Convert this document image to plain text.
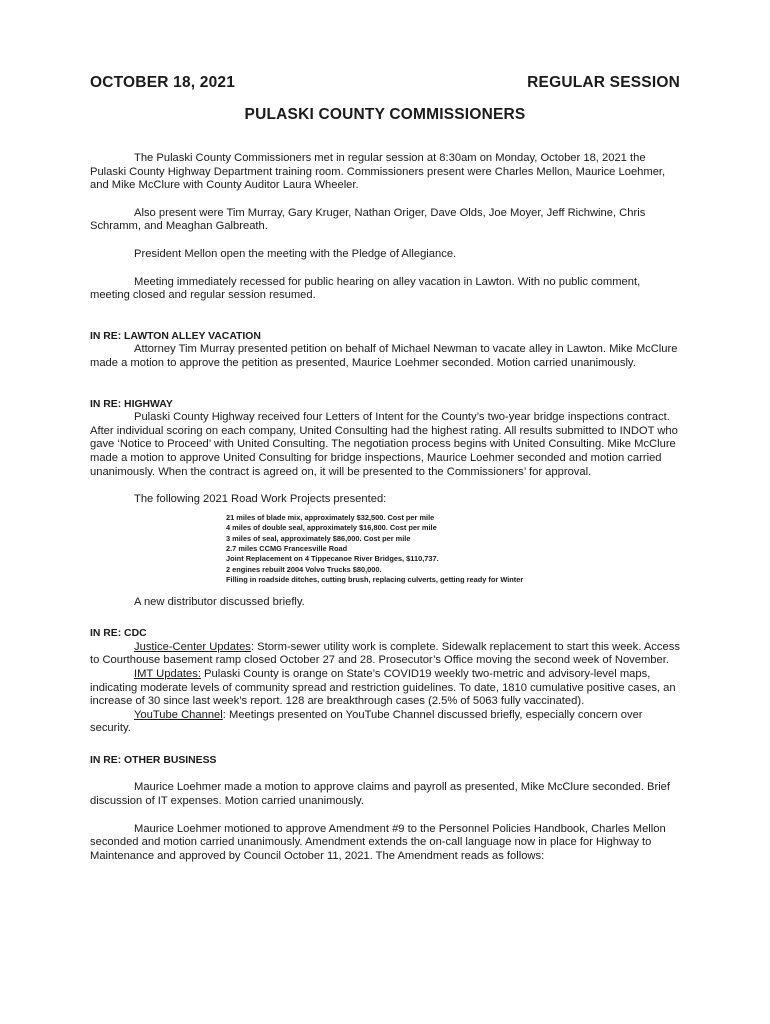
OCTOBER 18, 2021	REGULAR SESSION
PULASKI COUNTY COMMISSIONERS

The Pulaski County Commissioners met in regular session at 8:30am on Monday, October 18, 2021 the Pulaski County Highway Department training room. Commissioners present were Charles Mellon, Maurice Loehmer, and Mike McClure with County Auditor Laura Wheeler.

Also present were Tim Murray, Gary Kruger, Nathan Origer, Dave Olds, Joe Moyer, Jeff Richwine, Chris Schramm, and Meaghan Galbreath.

President Mellon open the meeting with the Pledge of Allegiance.

Meeting immediately recessed for public hearing on alley vacation in Lawton. With no public comment, meeting closed and regular session resumed.

IN RE: LAWTON ALLEY VACATION

Attorney Tim Murray presented petition on behalf of Michael Newman to vacate alley in Lawton. Mike McClure made a motion to approve the petition as presented, Maurice Loehmer seconded. Motion carried unanimously.

IN RE: HIGHWAY

Pulaski County Highway received four Letters of Intent for the County’s two-year bridge inspections contract. After individual scoring on each company, United Consulting had the highest rating. All results submitted to INDOT who gave ‘Notice to Proceed’ with United Consulting. The negotiation process begins with United Consulting. Mike McClure made a motion to approve United Consulting for bridge inspections, Maurice Loehmer seconded and motion carried unanimously. When the contract is agreed on, it will be presented to the Commissioners’ for approval.

The following 2021 Road Work Projects presented:

21 miles of blade mix, approximately $32,500. Cost per mile
4 miles of double seal, approximately $16,800. Cost per mile
3 miles of seal, approximately $86,000. Cost per mile
2.7 miles CCMG Francesville Road
Joint Replacement on 4 Tippecanoe River Bridges, $110,737.
2 engines rebuilt 2004 Volvo Trucks $80,000.
Filling in roadside ditches, cutting brush, replacing culverts, getting ready for Winter

A new distributor discussed briefly.

IN RE: CDC

Justice-Center Updates: Storm-sewer utility work is complete. Sidewalk replacement to start this week. Access to Courthouse basement ramp closed October 27 and 28. Prosecutor’s Office moving the second week of November.

IMT Updates: Pulaski County is orange on State’s COVID19 weekly two-metric and advisory-level maps, indicating moderate levels of community spread and restriction guidelines. To date, 1810 cumulative positive cases, an increase of 30 since last week’s report. 128 are breakthrough cases (2.5% of 5063 fully vaccinated).

YouTube Channel: Meetings presented on YouTube Channel discussed briefly, especially concern over security.

IN RE: OTHER BUSINESS

Maurice Loehmer made a motion to approve claims and payroll as presented, Mike McClure seconded. Brief discussion of IT expenses. Motion carried unanimously.

Maurice Loehmer motioned to approve Amendment #9 to the Personnel Policies Handbook, Charles Mellon seconded and motion carried unanimously. Amendment extends the on-call language now in place for Highway to Maintenance and approved by Council October 11, 2021. The Amendment reads as follows:
